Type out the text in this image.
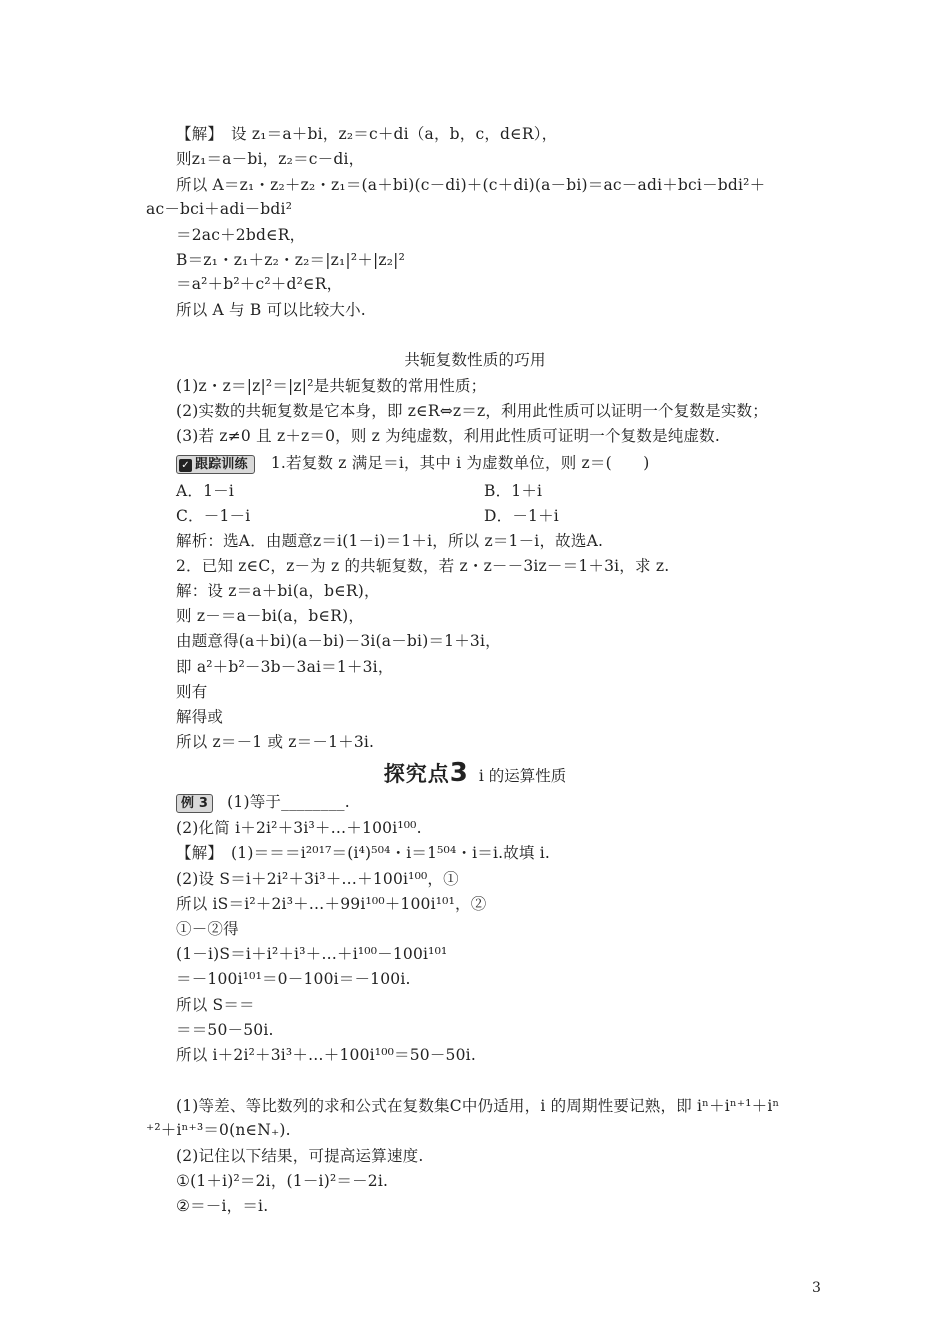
【解】　设 z₁＝a＋bi，z₂＝c＋di（a，b，c，d∈R），
则z₁＝a－bi，z₂＝c－di，
所以 A＝z₁・z₂＋z₂・z₁＝(a＋bi)(c－di)＋(c＋di)(a－bi)＝ac－adi＋bci－bdi²＋
ac－bci＋adi－bdi²
＝2ac＋2bd∈R，
B＝z₁・z₁＋z₂・z₂＝|z₁|²＋|z₂|²
＝a²＋b²＋c²＋d²∈R，
所以 A 与 B 可以比较大小.
共轭复数性质的巧用
(1)z・z＝|z|²＝|z|²是共轭复数的常用性质；
(2)实数的共轭复数是它本身，即 z∈R⇔z＝z，利用此性质可以证明一个复数是实数；
(3)若 z≠0 且 z＋z＝0，则 z 为纯虚数，利用此性质可证明一个复数是纯虚数.
✓ 跟踪训练 1.若复数 z 满足＝i，其中 i 为虚数单位，则 z＝(　　)
A．1－i	B．1＋i
C．－1－i	D．－1＋i
解析：选A．由题意z＝i(1－i)＝1＋i，所以 z＝1－i，故选A.
2．已知 z∈C，z－为 z 的共轭复数，若 z・z－－3iz－＝1＋3i，求 z.
解：设 z＝a＋bi(a，b∈R)，
则 z－＝a－bi(a，b∈R)，
由题意得(a＋bi)(a－bi)－3i(a－bi)＝1＋3i，
即 a²＋b²－3b－3ai＝1＋3i，
则有
解得或
所以 z＝－1 或 z＝－1＋3i.
探究点3 i 的运算性质
例 3 (1)等于________.
(2)化简 i＋2i²＋3i³＋…＋100i¹⁰⁰.
【解】　(1)＝＝＝i²⁰¹⁷＝(i⁴)⁵⁰⁴・i＝1⁵⁰⁴・i＝i.故填 i.
(2)设 S＝i＋2i²＋3i³＋…＋100i¹⁰⁰，①
所以 iS＝i²＋2i³＋…＋99i¹⁰⁰＋100i¹⁰¹，②
①－②得
(1－i)S＝i＋i²＋i³＋…＋i¹⁰⁰－100i¹⁰¹
＝－100i¹⁰¹＝0－100i＝－100i.
所以 S＝＝
＝＝50－50i.
所以 i＋2i²＋3i³＋…＋100i¹⁰⁰＝50－50i.
(1)等差、等比数列的求和公式在复数集C中仍适用，i 的周期性要记熟，即 iⁿ＋iⁿ⁺¹＋iⁿ
⁺²＋iⁿ⁺³＝0(n∈N₊).
(2)记住以下结果，可提高运算速度.
①(1＋i)²＝2i，(1－i)²＝－2i.
②＝－i，＝i.
3
